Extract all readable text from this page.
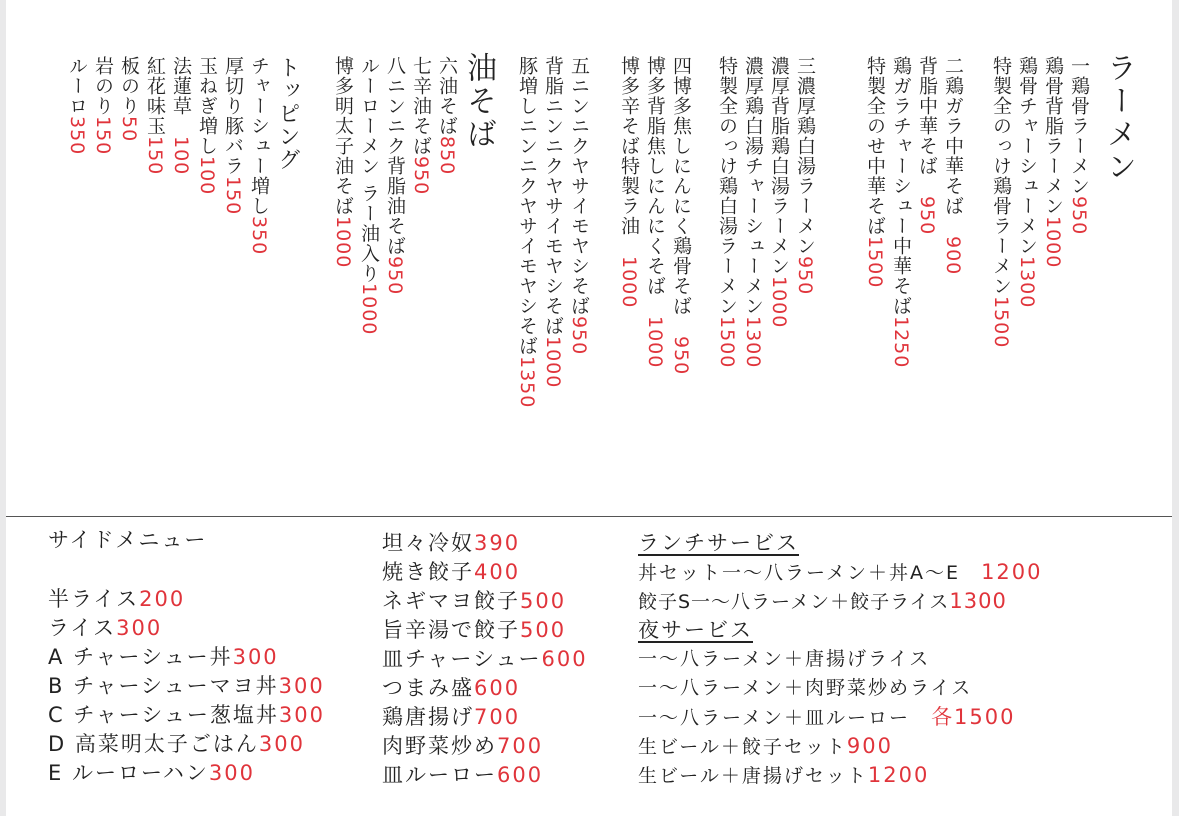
ラーメン
一鶏骨ラーメン950
鶏骨背脂ラーメン1000
鶏骨チャーシューメン1300
特製全のっけ鶏骨ラーメン1500
二鶏ガラ中華そば　900
背脂中華そば　950
鶏ガラチャーシュー中華そば1250
特製全のせ中華そば1500
三濃厚鶏白湯ラーメン950
濃厚背脂鶏白湯ラーメン1000
濃厚鶏白湯チャーシューメン1300
特製全のっけ鶏白湯ラーメン1500
四博多焦しにんにく鶏骨そば　950
博多背脂焦しにんにくそば　1000
博多辛そば特製ラ油　1000
五ニンニクヤサイモヤシそば950
背脂ニンニクヤサイモヤシそば1000
豚増しニンニクヤサイモヤシそば1350
油そば
六油そば850
七辛油そば950
八ニンニク背脂油そば950
ルーローメン ラー油入り1000
博多明太子油そば1000
トッピング
チャーシュー増し350
厚切り豚バラ150
玉ねぎ増し100
法蓮草　100
紅花味玉150
板のり50
岩のり150
ルーロ350
サイドメニュー
半ライス200
ライス300
A チャーシュー丼300
B チャーシューマヨ丼300
C チャーシュー葱塩丼300
D 高菜明太子ごはん300
E ルーローハン300
坦々冷奴390
焼き餃子400
ネギマヨ餃子500
旨辛湯で餃子500
皿チャーシュー600
つまみ盛600
鶏唐揚げ700
肉野菜炒め700
皿ルーロー600
ランチサービス
丼セット一～八ラーメン＋丼A～E　1200
餃子S一～八ラーメン＋餃子ライス1300
夜サービス
一～八ラーメン＋唐揚げライス
一～八ラーメン＋肉野菜炒めライス
一～八ラーメン＋皿ルーロー　各1500
生ビール＋餃子セット900
生ビール＋唐揚げセット1200
